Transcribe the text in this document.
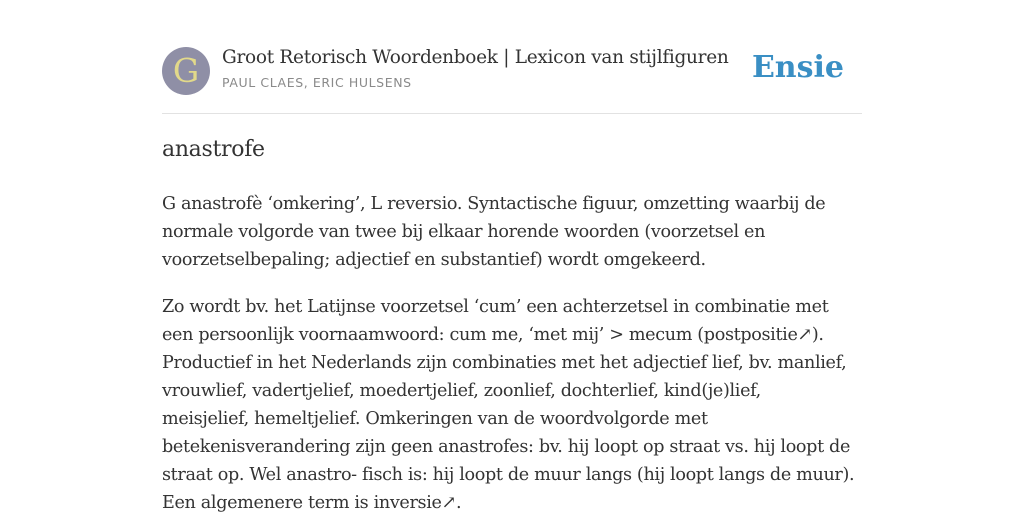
G	Groot Retorisch Woordenboek | Lexicon van stijlfiguren
PAUL CLAES, ERIC HULSENS	Ensie
anastrofe

G anastrofè ‘omkering’, L reversio. Syntactische figuur, omzetting waarbij de
normale volgorde van twee bij elkaar horende woorden (voorzetsel en
voorzetselbepaling; adjectief en substantief) wordt omgekeerd.

Zo wordt bv. het Latijnse voorzetsel ‘cum’ een achterzetsel in combinatie met
een persoonlijk voornaamwoord: cum me, ‘met mij’ > mecum (postpositie↗).
Productief in het Nederlands zijn combinaties met het adjectief lief, bv. manlief,
vrouwlief, vadertjelief, moedertjelief, zoonlief, dochterlief, kind(je)lief,
meisjelief, hemeltjelief. Omkeringen van de woordvolgorde met
betekenisverandering zijn geen anastrofes: bv. hij loopt op straat vs. hij loopt de
straat op. Wel anastro- fisch is: hij loopt de muur langs (hij loopt langs de muur).
Een algemenere term is inversie↗.
